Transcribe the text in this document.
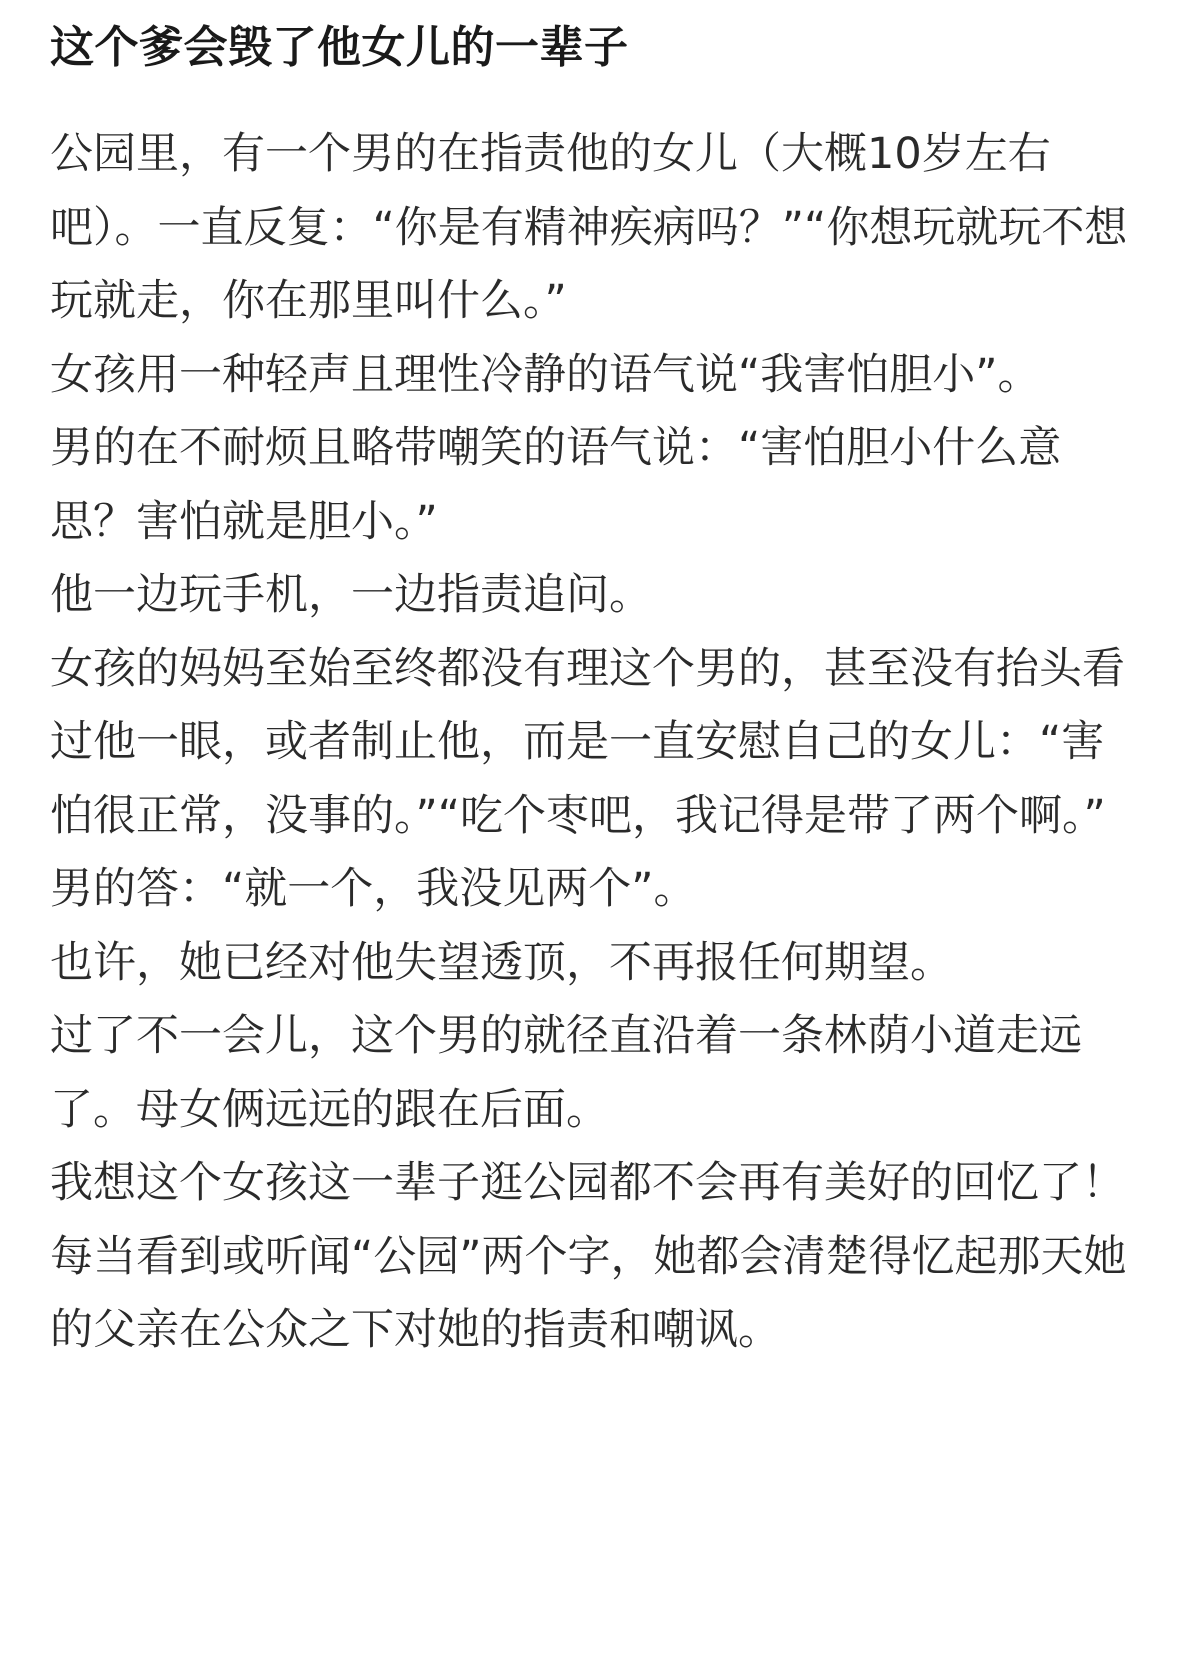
这个爹会毁了他女儿的一辈子

公园里，有一个男的在指责他的女儿（大概10岁左右吧）。一直反复：“你是有精神疾病吗？”“你想玩就玩不想玩就走，你在那里叫什么。”

女孩用一种轻声且理性冷静的语气说“我害怕胆小”。

男的在不耐烦且略带嘲笑的语气说：“害怕胆小什么意思？害怕就是胆小。”

他一边玩手机，一边指责追问。

女孩的妈妈至始至终都没有理这个男的，甚至没有抬头看过他一眼，或者制止他，而是一直安慰自己的女儿：“害怕很正常，没事的。”“吃个枣吧，我记得是带了两个啊。”

男的答：“就一个，我没见两个”。

也许，她已经对他失望透顶，不再报任何期望。

过了不一会儿，这个男的就径直沿着一条林荫小道走远了。母女俩远远的跟在后面。

我想这个女孩这一辈子逛公园都不会再有美好的回忆了！每当看到或听闻“公园”两个字，她都会清楚得忆起那天她的父亲在公众之下对她的指责和嘲讽。
